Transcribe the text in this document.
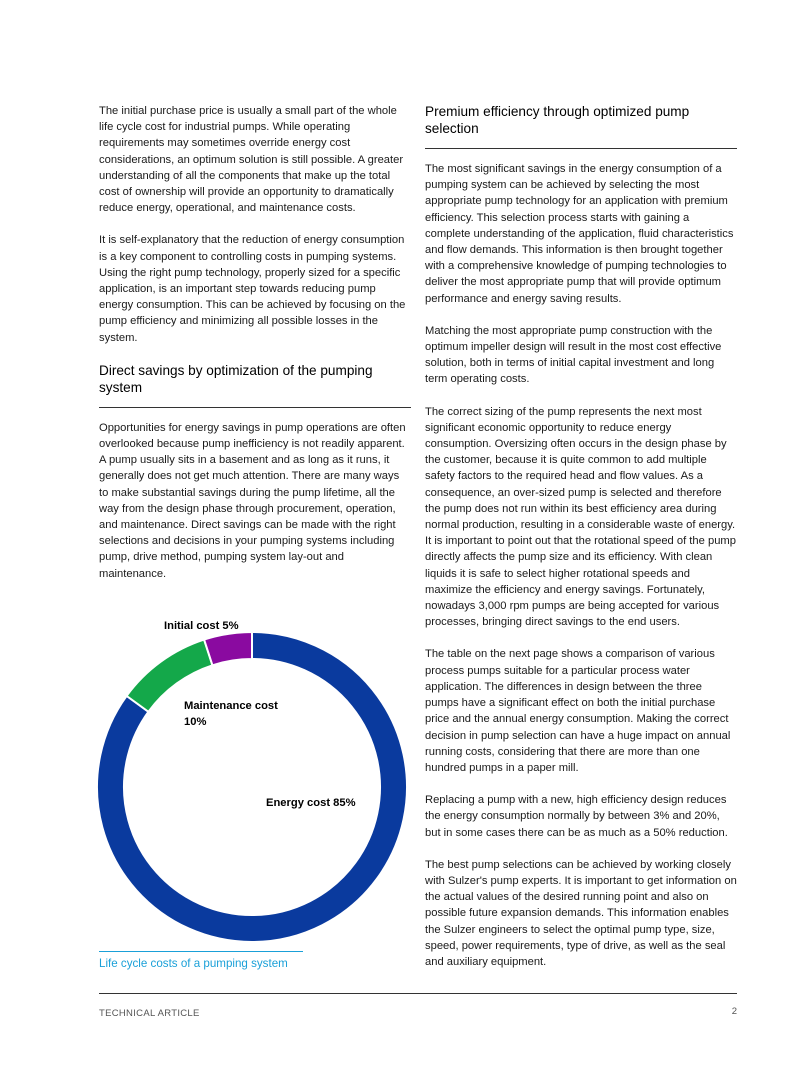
The initial purchase price is usually a small part of the whole life cycle cost for industrial pumps. While operating requirements may sometimes override energy cost considerations, an optimum solution is still possible. A greater understanding of all the components that make up the total cost of ownership will provide an opportunity to dramatically reduce energy, operational, and maintenance costs.

It is self-explanatory that the reduction of energy consumption is a key component to controlling costs in pumping systems. Using the right pump technology, properly sized for a specific application, is an important step towards reducing pump energy consumption. This can be achieved by focusing on the pump efficiency and minimizing all possible losses in the system.

Direct savings by optimization of the pumping system

Opportunities for energy savings in pump operations are often overlooked because pump inefficiency is not readily apparent. A pump usually sits in a basement and as long as it runs, it generally does not get much attention. There are many ways to make substantial savings during the pump lifetime, all the way from the design phase through procurement, operation, and maintenance. Direct savings can be made with the right selections and decisions in your pumping systems including pump, drive method, pumping system lay-out and maintenance.

Premium efficiency through optimized pump selection

The most significant savings in the energy consumption of a pumping system can be achieved by selecting the most appropriate pump technology for an application with premium efficiency. This selection process starts with gaining a complete understanding of the application, fluid characteristics and flow demands. This information is then brought together with a comprehensive knowledge of pumping technologies to deliver the most appropriate pump that will provide optimum performance and energy saving results.

Matching the most appropriate pump construction with the optimum impeller design will result in the most cost effective solution, both in terms of initial capital investment and long term operating costs.

The correct sizing of the pump represents the next most significant economic opportunity to reduce energy consumption. Oversizing often occurs in the design phase by the customer, because it is quite common to add multiple safety factors to the required head and flow values. As a consequence, an over-sized pump is selected and therefore the pump does not run within its best efficiency area during normal production, resulting in a considerable waste of energy. It is important to point out that the rotational speed of the pump directly affects the pump size and its efficiency. With clean liquids it is safe to select higher rotational speeds and maximize the efficiency and energy savings. Fortunately, nowadays 3,000 rpm pumps are being accepted for various processes, bringing direct savings to the end users.

The table on the next page shows a comparison of various process pumps suitable for a particular process water application. The differences in design between the three pumps have a significant effect on both the initial purchase price and the annual energy consumption. Making the correct decision in pump selection can have a huge impact on annual running costs, considering that there are more than one hundred pumps in a paper mill.

Replacing a pump with a new, high efficiency design reduces the energy consumption normally by between 3% and 20%, but in some cases there can be as much as a 50% reduction.

The best pump selections can be achieved by working closely with Sulzer's pump experts. It is important to get information on the actual values of the desired running point and also on possible future expansion demands. This information enables the Sulzer engineers to select the optimal pump type, size, speed, power requirements, type of drive, as well as the seal and auxiliary equipment.

Initial cost 5%
Maintenance cost 10%
Energy cost 85%
Life cycle costs of a pumping system
TECHNICAL ARTICLE	2
